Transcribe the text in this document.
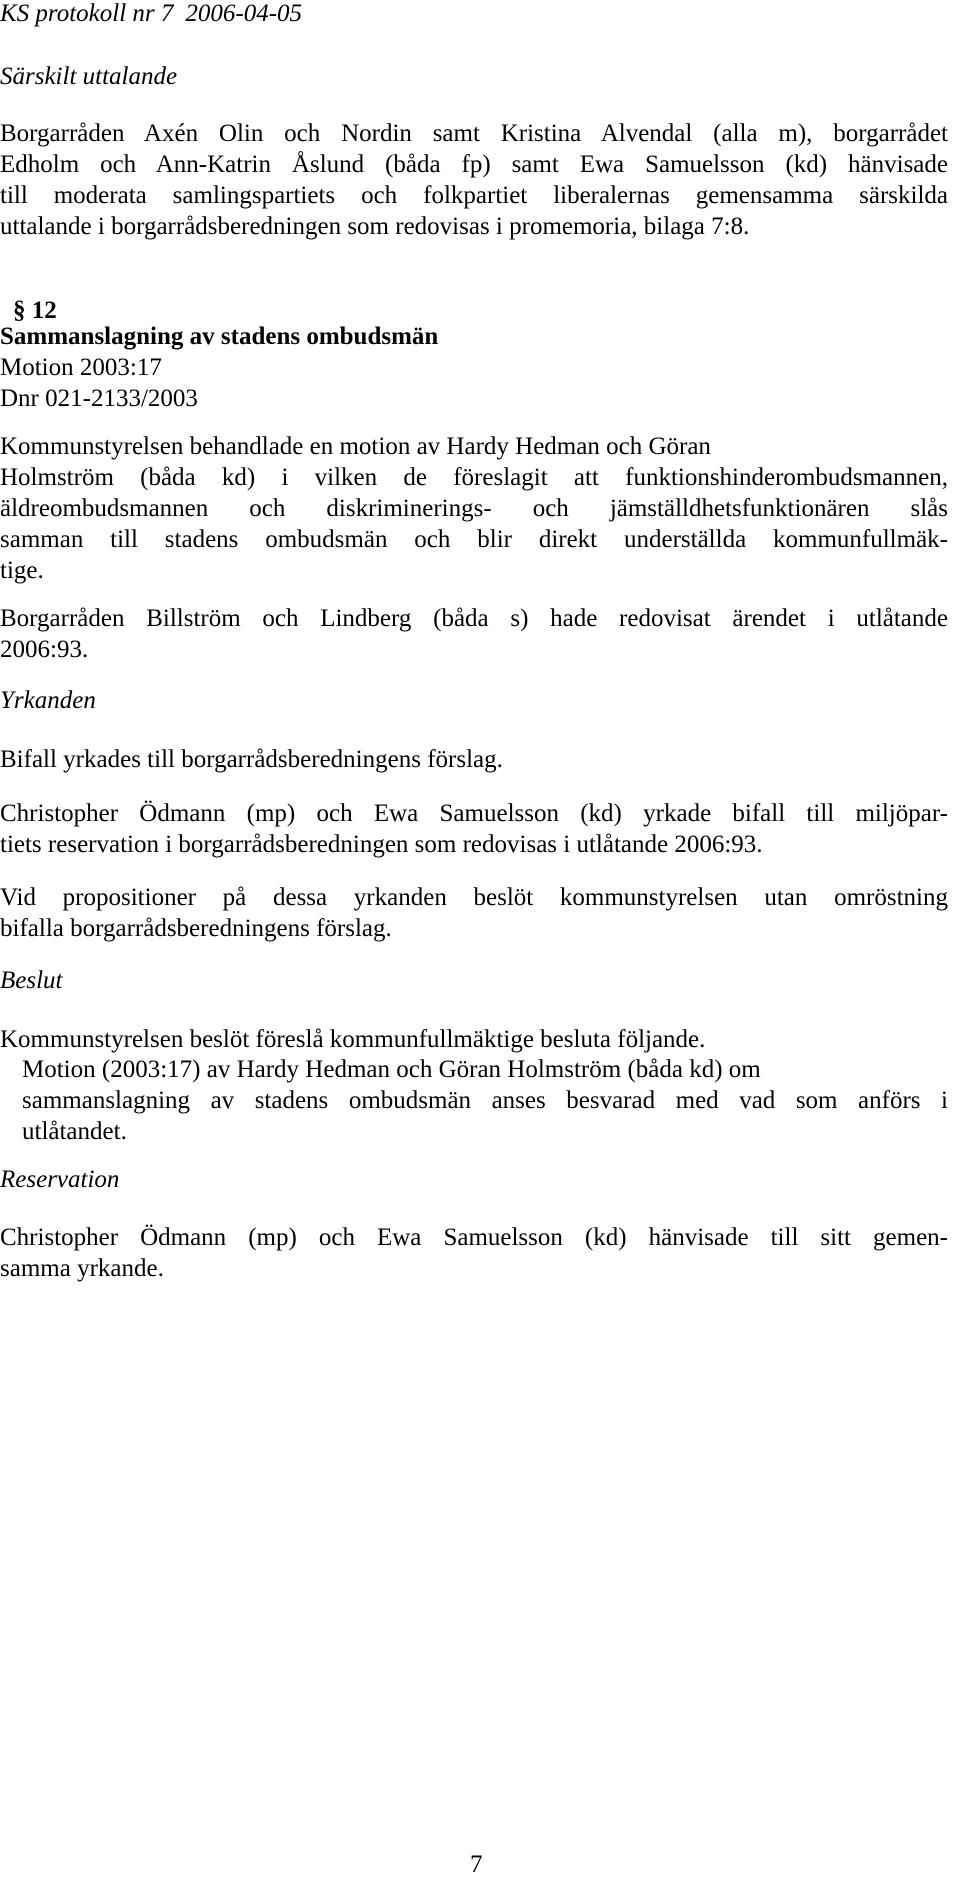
KS protokoll nr 7 2006-04-05
Särskilt uttalande
Borgarråden Axén Olin och Nordin samt Kristina Alvendal (alla m), borgarrådet
Edholm och Ann-Katrin Åslund (båda fp) samt Ewa Samuelsson (kd) hänvisade
till moderata samlingspartiets och folkpartiet liberalernas gemensamma särskilda
uttalande i borgarrådsberedningen som redovisas i promemoria, bilaga 7:8.
§ 12
Sammanslagning av stadens ombudsmän
Motion 2003:17
Dnr 021-2133/2003
Kommunstyrelsen behandlade en motion av Hardy Hedman och Göran
Holmström (båda kd) i vilken de föreslagit att funktionshinderombudsmannen,
äldreombudsmannen och diskriminerings- och jämställdhetsfunktionären slås
samman till stadens ombudsmän och blir direkt underställda kommunfullmäk-
tige.
Borgarråden Billström och Lindberg (båda s) hade redovisat ärendet i utlåtande
2006:93.
Yrkanden
Bifall yrkades till borgarrådsberedningens förslag.
Christopher Ödmann (mp) och Ewa Samuelsson (kd) yrkade bifall till miljöpar-
tiets reservation i borgarrådsberedningen som redovisas i utlåtande 2006:93.
Vid propositioner på dessa yrkanden beslöt kommunstyrelsen utan omröstning
bifalla borgarrådsberedningens förslag.
Beslut
Kommunstyrelsen beslöt föreslå kommunfullmäktige besluta följande.
Motion (2003:17) av Hardy Hedman och Göran Holmström (båda kd) om
sammanslagning av stadens ombudsmän anses besvarad med vad som anförs i
utlåtandet.
Reservation
Christopher Ödmann (mp) och Ewa Samuelsson (kd) hänvisade till sitt gemen-
samma yrkande.
7
